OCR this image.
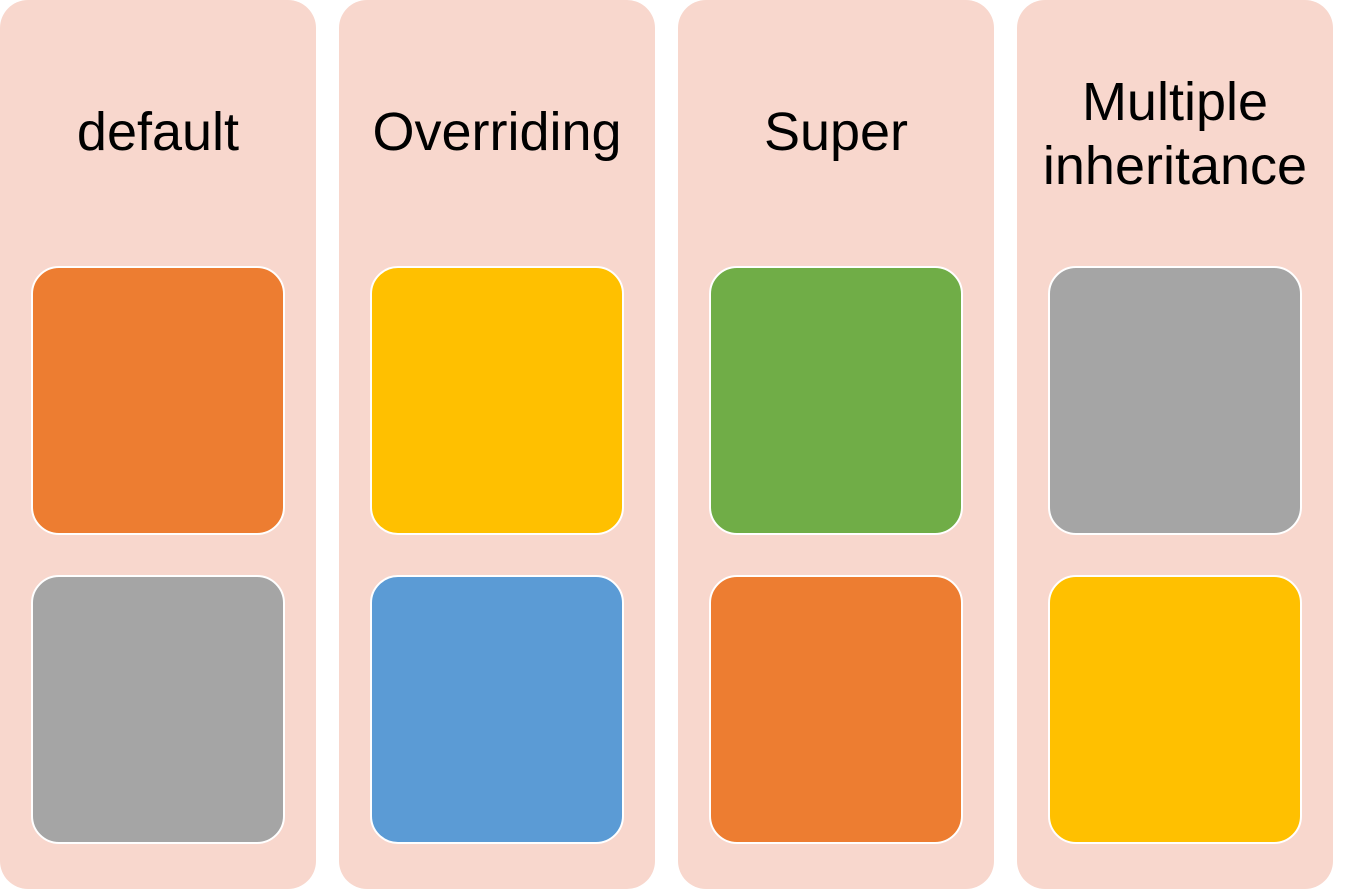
default	Overriding	Super	Multiple inheritance
